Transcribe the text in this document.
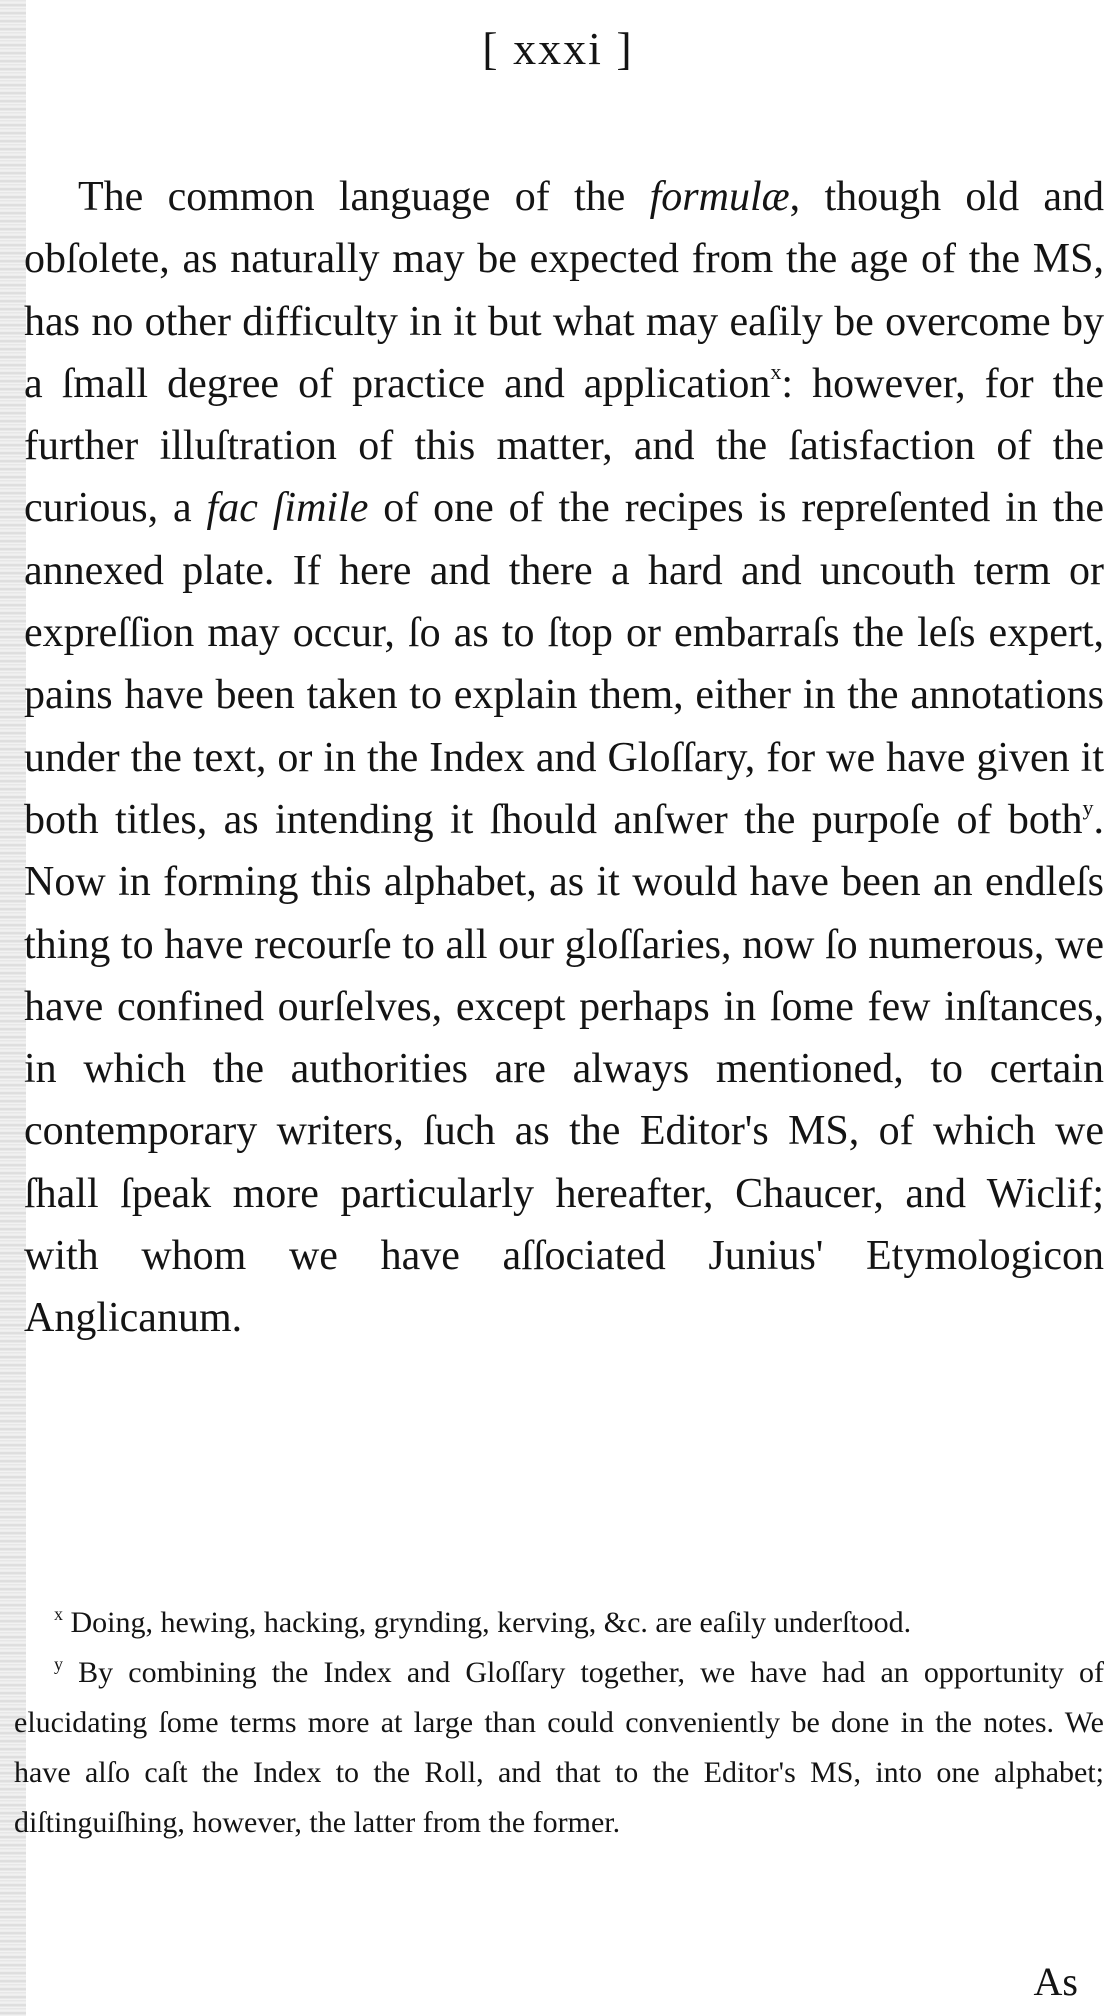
[ xxxi ]
The common language of the formulæ, though old and obſolete, as naturally may be expected from the age of the MS, has no other difficulty in it but what may eaſily be overcome by a ſmall degree of practice and application$^x$: however, for the further illuſtration of this matter, and the ſatisfaction of the curious, a fac ſimile of one of the recipes is repreſented in the annexed plate. If here and there a hard and uncouth term or expreſſion may occur, ſo as to ſtop or embarraſs the leſs expert, pains have been taken to explain them, either in the annotations under the text, or in the Index and Gloſſary, for we have given it both titles, as intending it ſhould anſwer the purpoſe of both$^y$. Now in forming this alphabet, as it would have been an endleſs thing to have recourſe to all our gloſſaries, now ſo numerous, we have confined ourſelves, except perhaps in ſome few inſtances, in which the authorities are always mentioned, to certain contemporary writers, ſuch as the Editor's MS, of which we ſhall ſpeak more particularly hereafter, Chaucer, and Wiclif; with whom we have aſſociated Junius' Etymologicon Anglicanum.

$^x$ Doing, hewing, hacking, grynding, kerving, &c. are eaſily underſtood.

$^y$ By combining the Index and Gloſſary together, we have had an opportunity of elucidating ſome terms more at large than could conveniently be done in the notes. We have alſo caſt the Index to the Roll, and that to the Editor's MS, into one alphabet; diſtinguiſhing, however, the latter from the former.

As
